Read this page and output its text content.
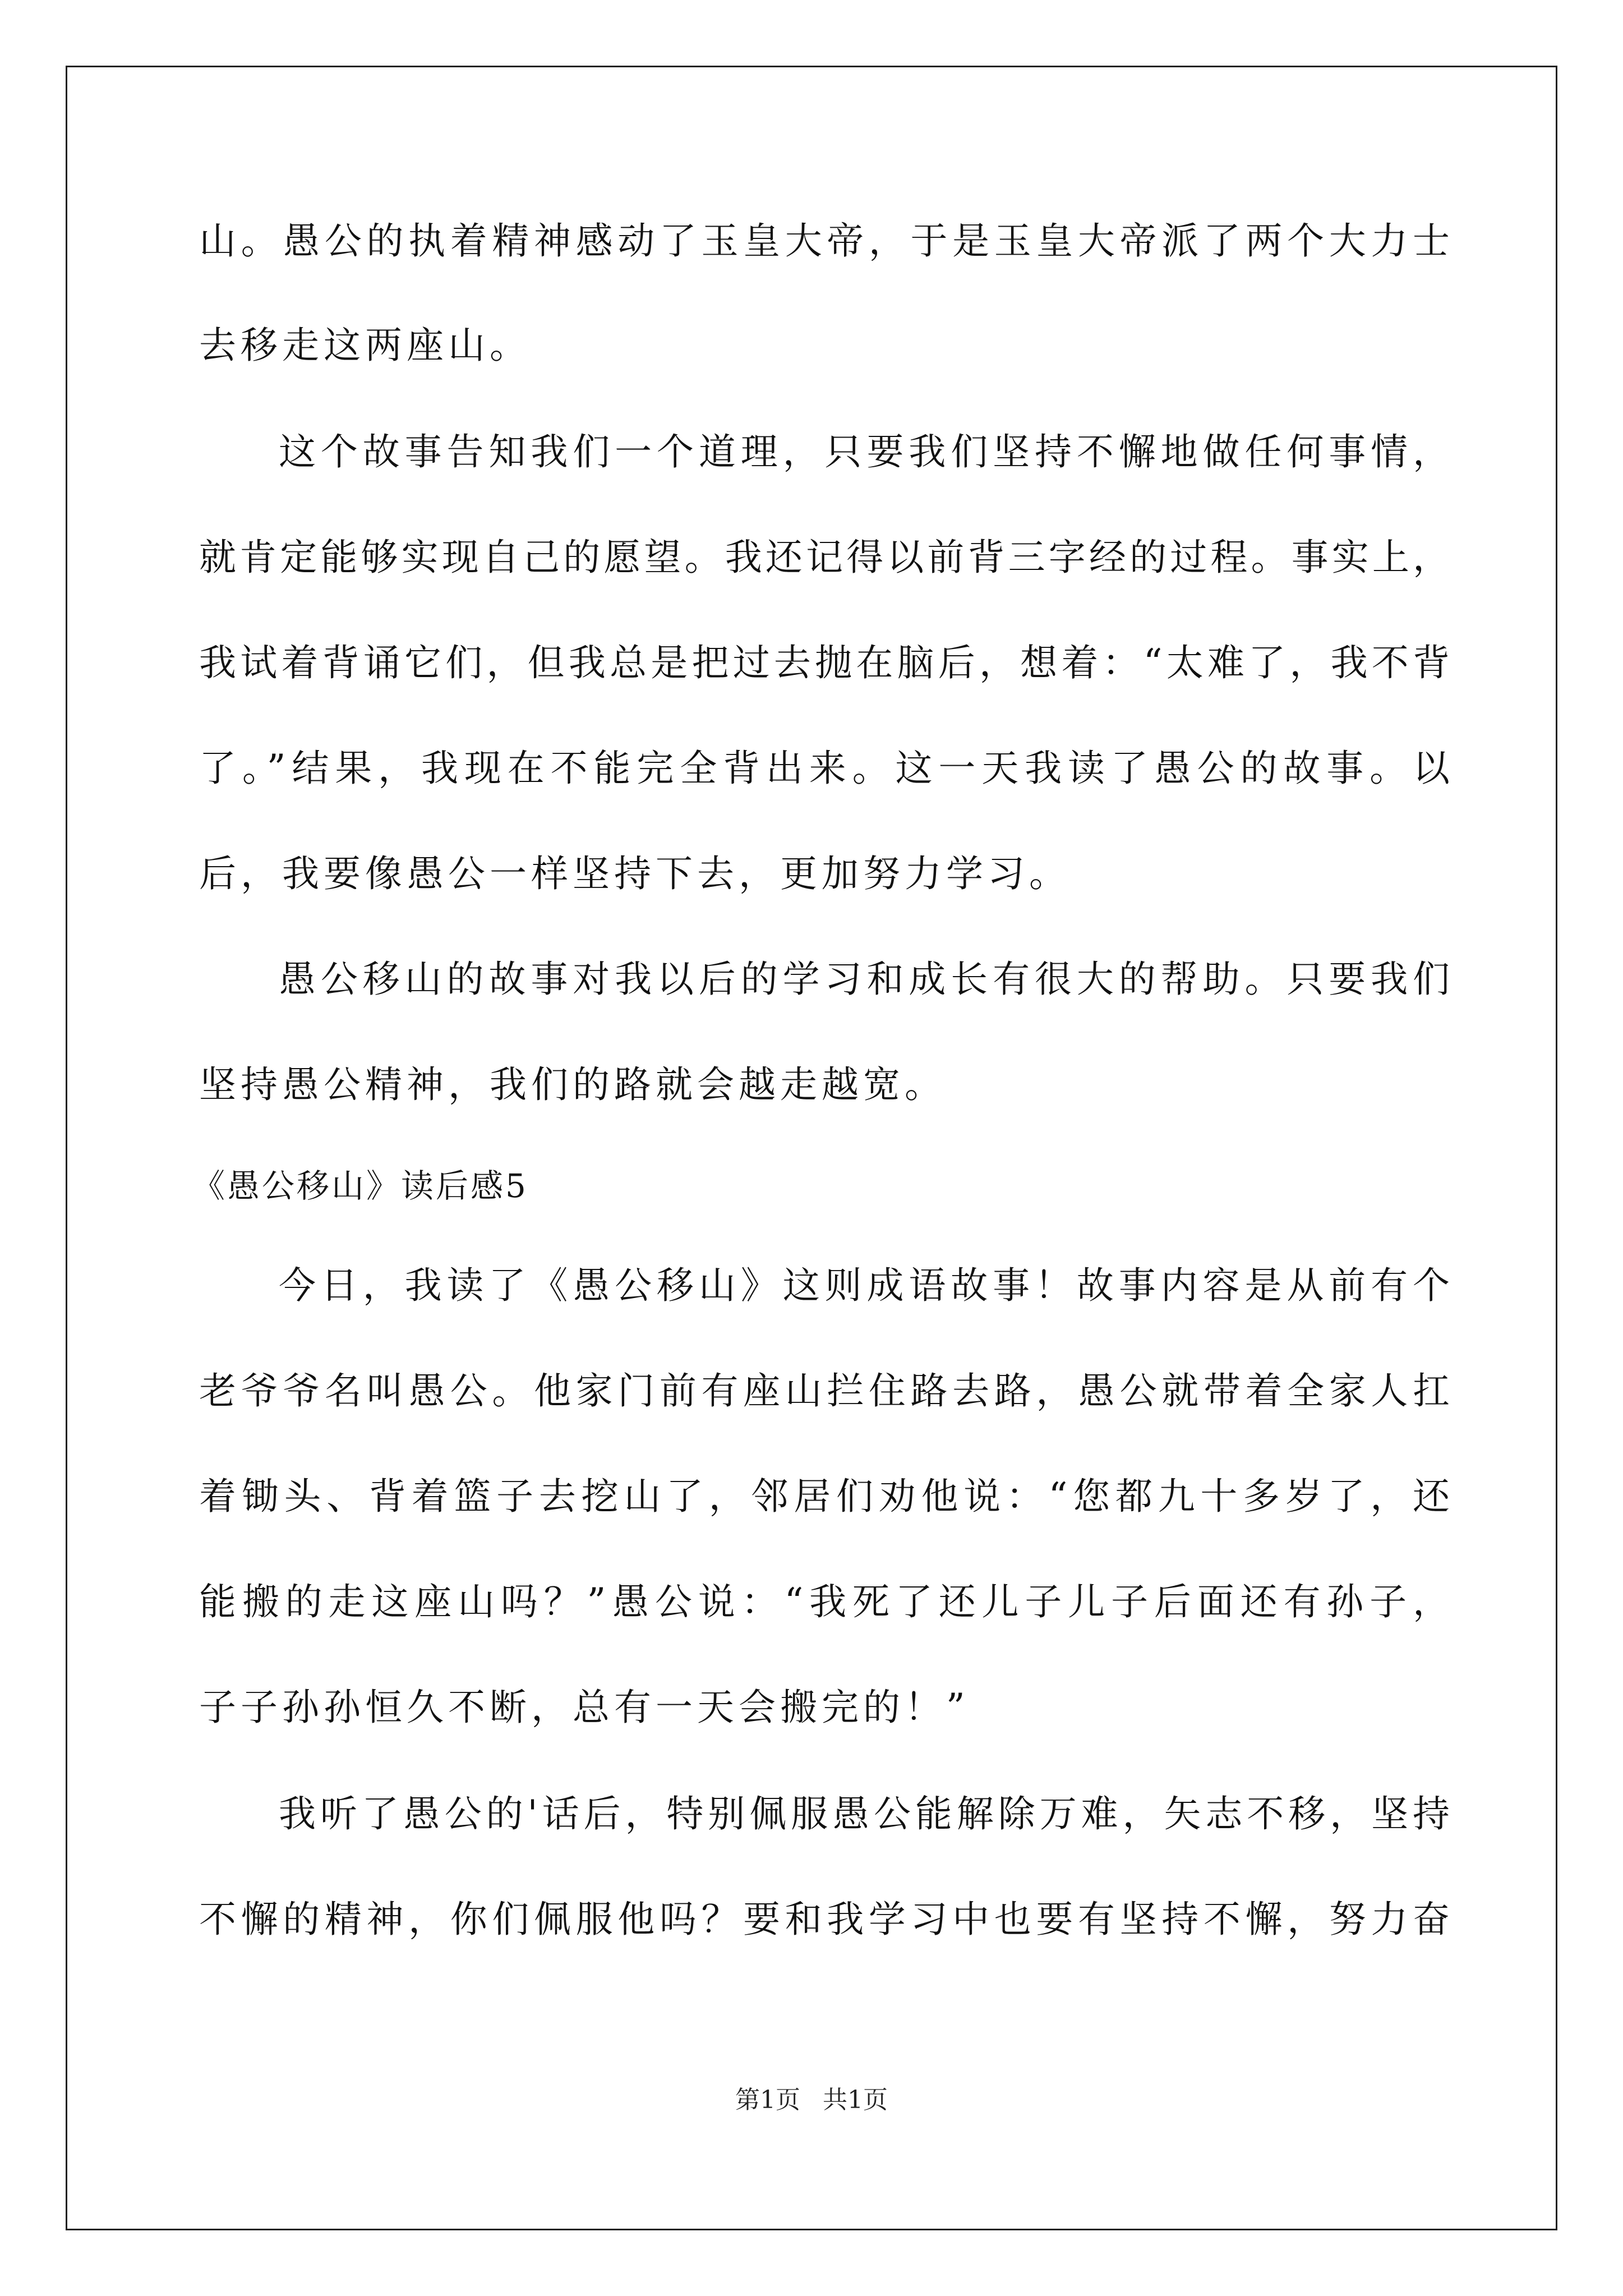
山。愚公的执着精神感动了玉皇大帝，于是玉皇大帝派了两个大力士
去移走这两座山。
这个故事告知我们一个道理，只要我们坚持不懈地做任何事情，
就肯定能够实现自己的愿望。我还记得以前背三字经的过程。事实上，
我试着背诵它们，但我总是把过去抛在脑后，想着：“太难了，我不背
了。”结果，我现在不能完全背出来。这一天我读了愚公的故事。以
后，我要像愚公一样坚持下去，更加努力学习。
愚公移山的故事对我以后的学习和成长有很大的帮助。只要我们
坚持愚公精神，我们的路就会越走越宽。
《愚公移山》读后感5
今日，我读了《愚公移山》这则成语故事！故事内容是从前有个
老爷爷名叫愚公。他家门前有座山拦住路去路，愚公就带着全家人扛
着锄头、背着篮子去挖山了，邻居们劝他说：“您都九十多岁了，还
能搬的走这座山吗？”愚公说：“我死了还儿子儿子后面还有孙子，
子子孙孙恒久不断，总有一天会搬完的！”
我听了愚公的'话后，特别佩服愚公能解除万难，矢志不移，坚持
不懈的精神，你们佩服他吗？要和我学习中也要有坚持不懈，努力奋
第1页 共1页
